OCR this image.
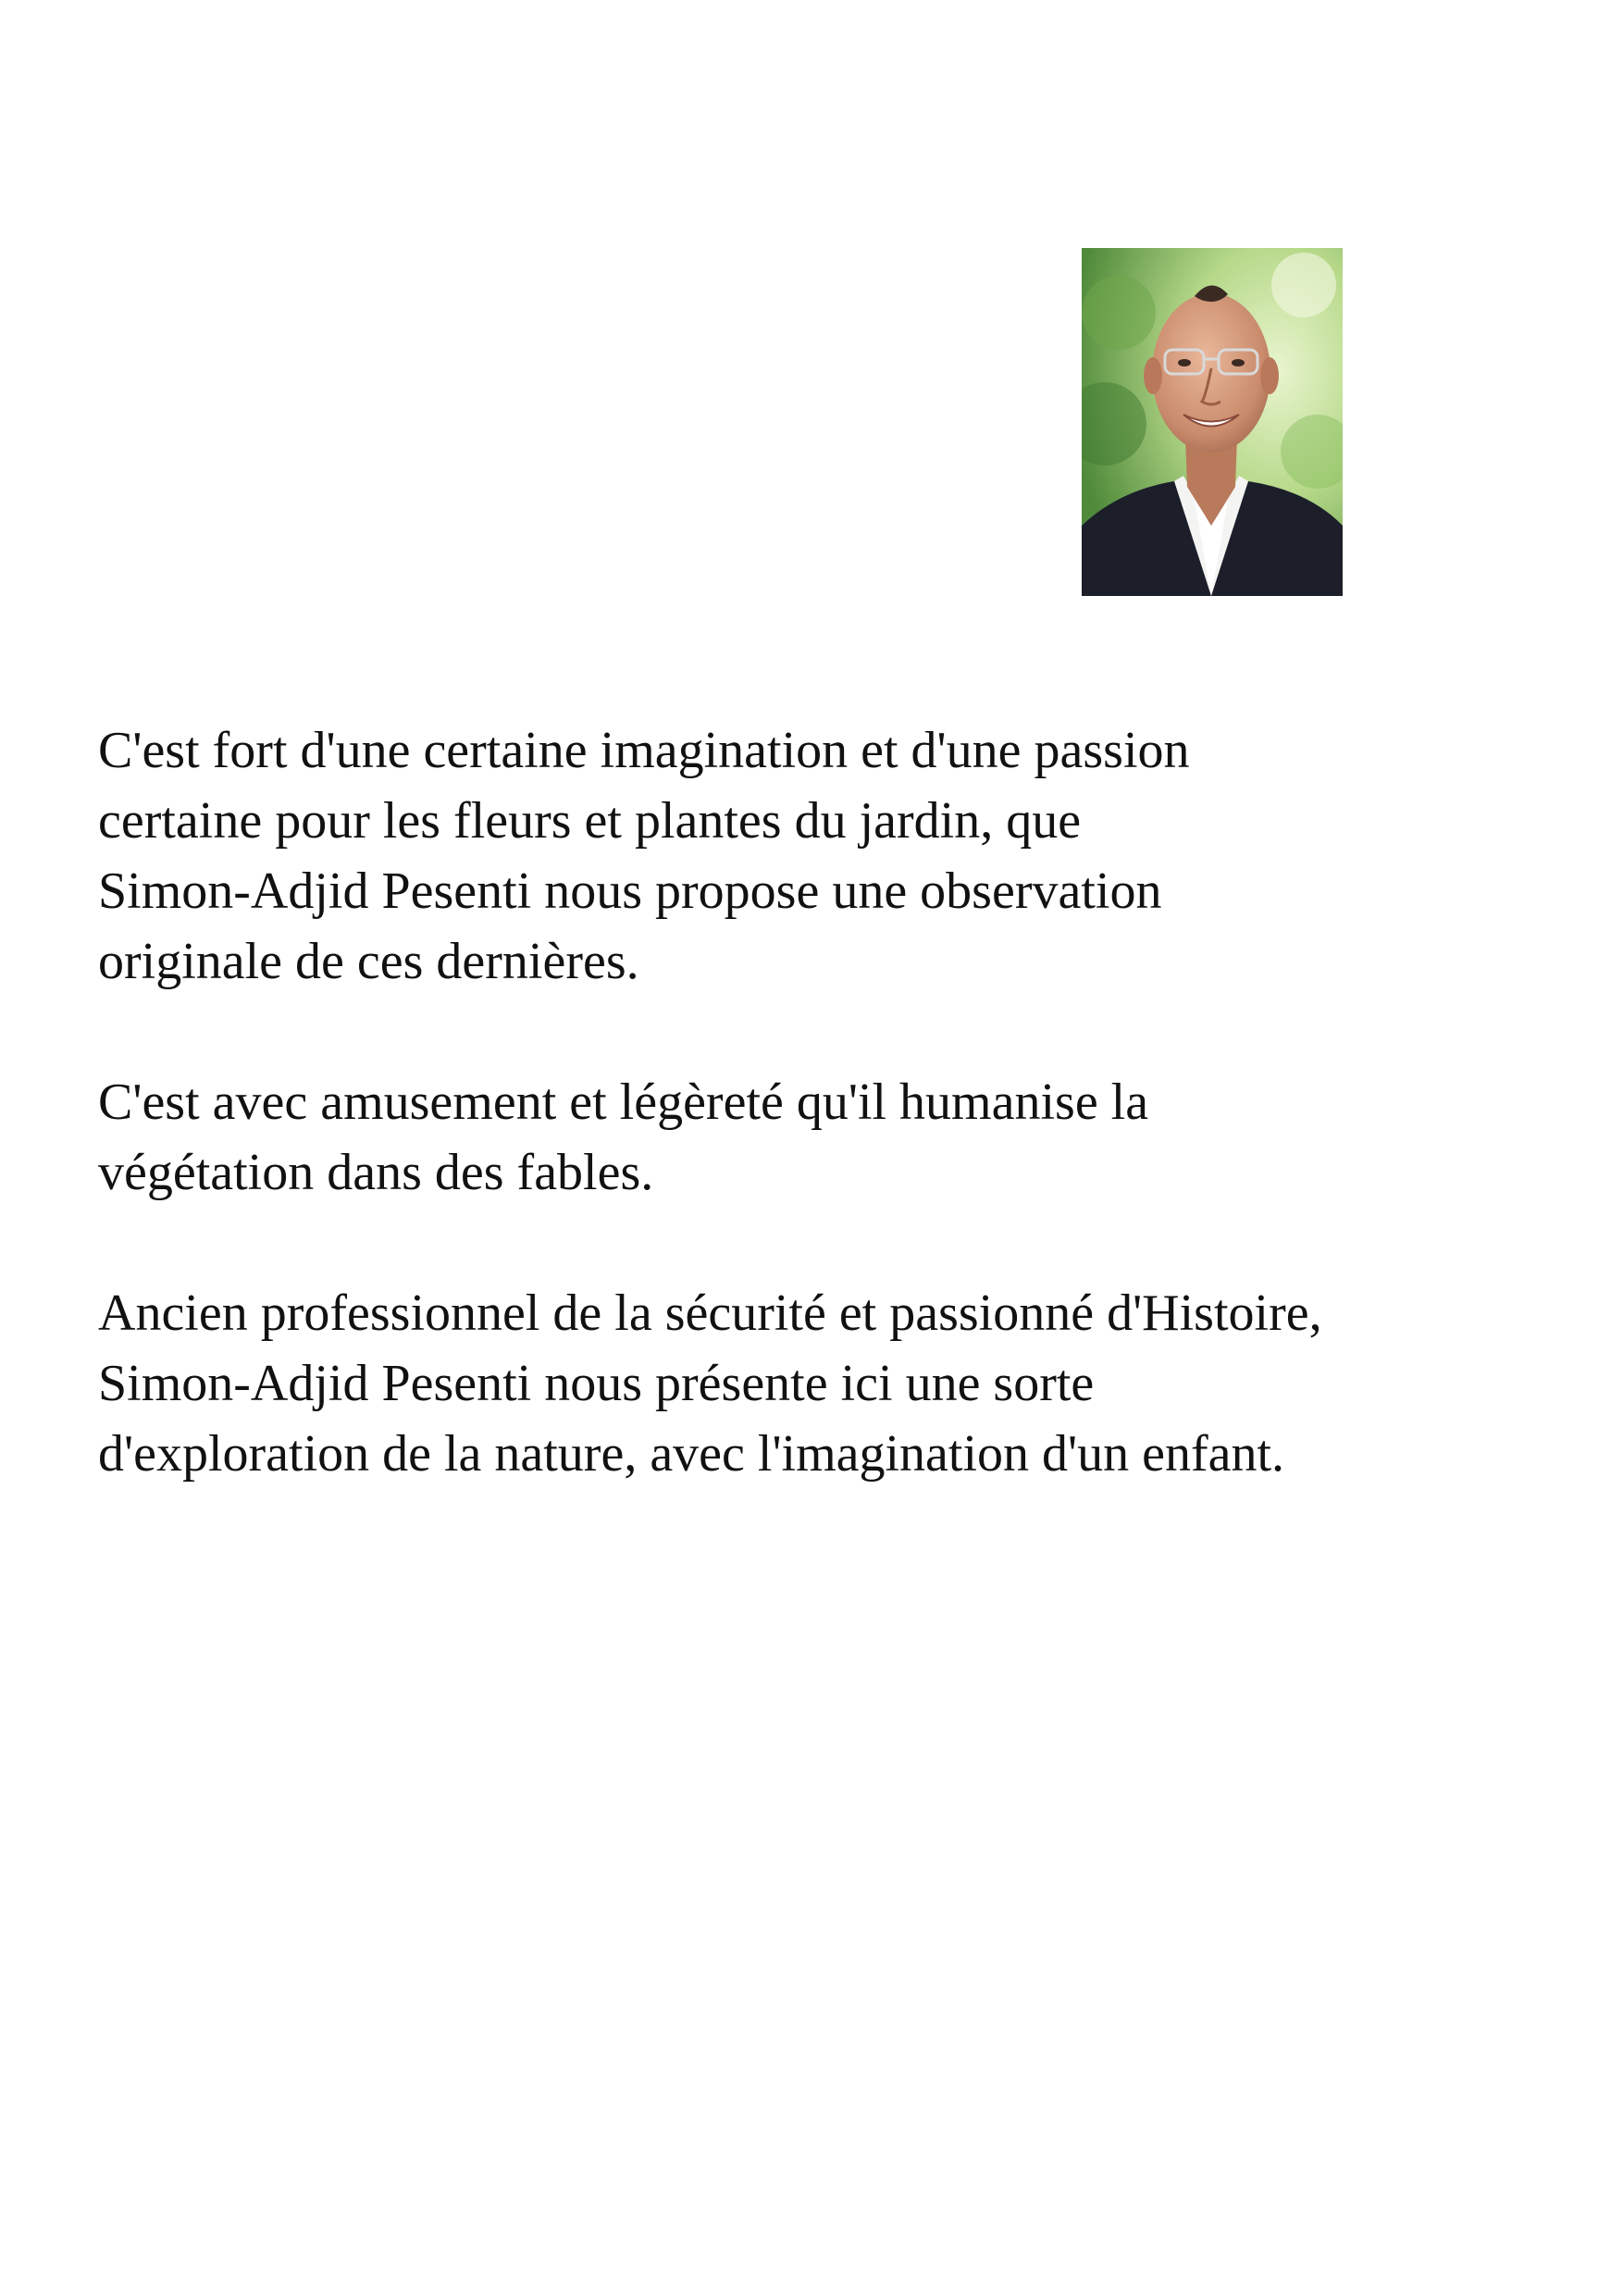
C'est fort d'une certaine imagination et d'une passion
certaine pour les fleurs et plantes du jardin, que
Simon-Adjid Pesenti nous propose une observation
originale de ces dernières.

C'est avec amusement et légèreté qu'il humanise la
végétation dans des fables.

Ancien professionnel de la sécurité et passionné d'Histoire,
Simon-Adjid Pesenti nous présente ici une sorte
d'exploration de la nature, avec l'imagination d'un enfant.
